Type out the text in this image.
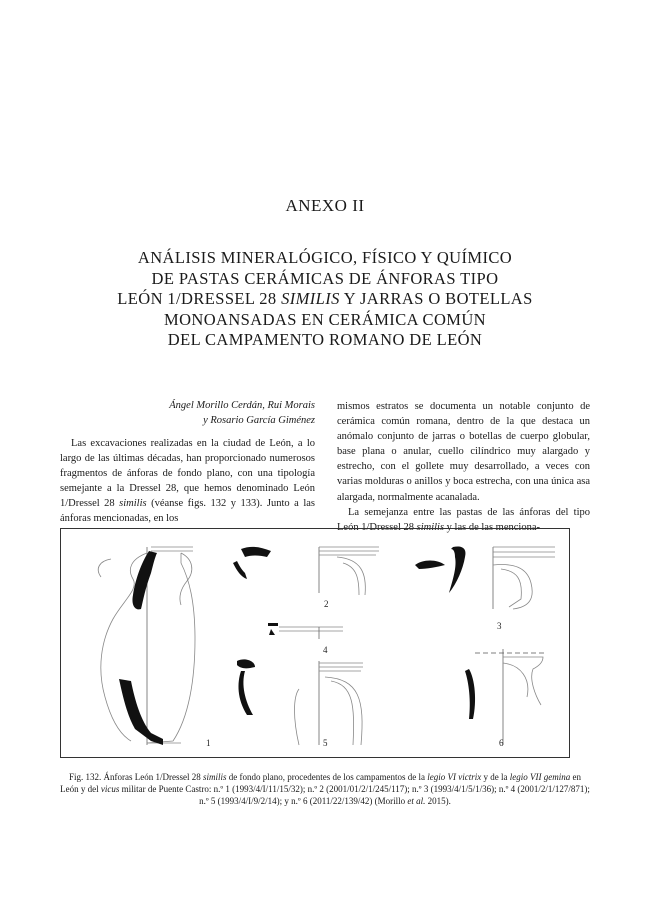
ANEXO II
ANÁLISIS MINERALÓGICO, FÍSICO Y QUÍMICO
DE PASTAS CERÁMICAS DE ÁNFORAS TIPO
LEÓN 1/DRESSEL 28 SIMILIS Y JARRAS O BOTELLAS
MONOANSADAS EN CERÁMICA COMÚN
DEL CAMPAMENTO ROMANO DE LEÓN
Ángel Morillo Cerdán, Rui Morais
y Rosario García Giménez

Las excavaciones realizadas en la ciudad de León, a lo largo de las últimas décadas, han proporcionado numerosos fragmentos de ánforas de fondo plano, con una tipología semejante a la Dressel 28, que hemos denominado León 1/Dressel 28 similis (véanse figs. 132 y 133). Junto a las ánforas mencionadas, en los

mismos estratos se documenta un notable conjunto de cerámica común romana, dentro de la que destaca un anómalo conjunto de jarras o botellas de cuerpo globular, base plana o anular, cuello cilíndrico muy alargado y estrecho, con el gollete muy desarrollado, a veces con varias molduras o anillos y boca estrecha, con una única asa alargada, normalmente acanalada.

La semejanza entre las pastas de las ánforas del tipo León 1/Dressel 28 similis y las de las menciona-

1
2
3
4
5	6
Fig. 132. Ánforas León 1/Dressel 28 similis de fondo plano, procedentes de los campamentos de la legio VI victrix y de la legio VII gemina en León y del vicus militar de Puente Castro: n.º 1 (1993/4/I/11/15/32); n.º 2 (2001/01/2/1/245/117); n.º 3 (1993/4/1/5/1/36); n.º 4 (2001/2/1/127/871); n.º 5 (1993/4/I/9/2/14); y n.º 6 (2011/22/139/42) (Morillo et al. 2015).
